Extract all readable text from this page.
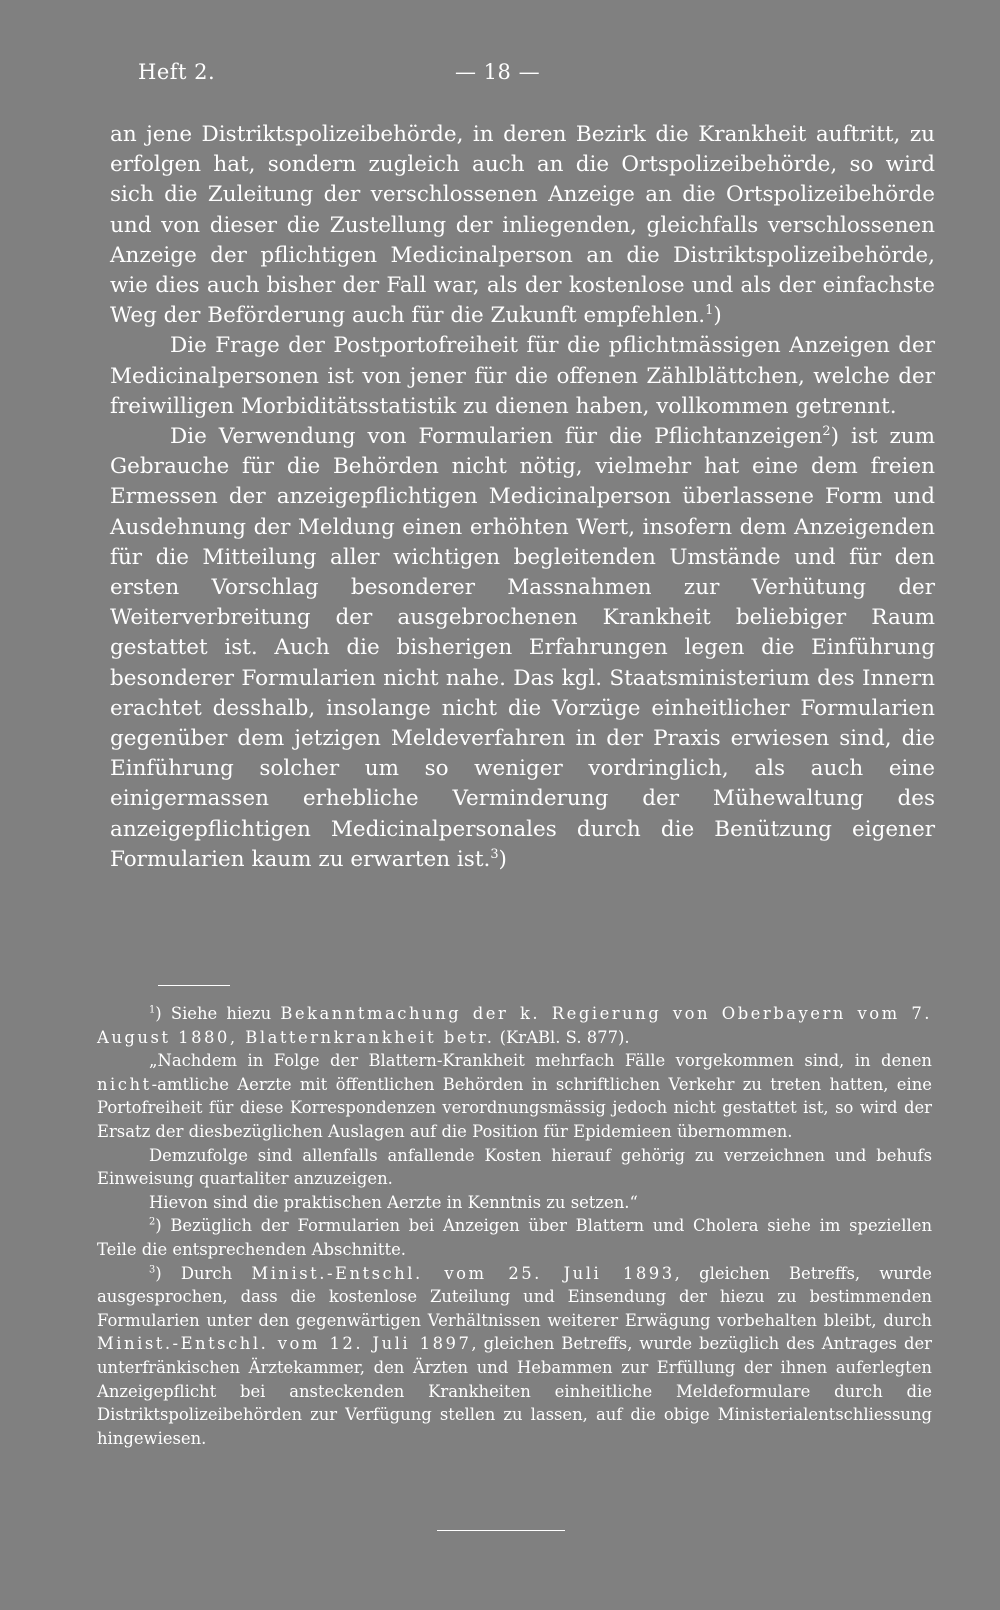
Heft 2.	— 18 —

an jene Distriktspolizeibehörde, in deren Bezirk die Krankheit auftritt, zu erfolgen hat, sondern zugleich auch an die Ortspolizeibehörde, so wird sich die Zuleitung der verschlossenen Anzeige an die Ortspolizeibehörde und von dieser die Zustellung der inliegenden, gleichfalls verschlossenen Anzeige der pflichtigen Medicinalperson an die Distriktspolizeibehörde, wie dies auch bisher der Fall war, als der kostenlose und als der einfachste Weg der Beförderung auch für die Zukunft empfehlen.$^1$)

Die Frage der Postportofreiheit für die pflichtmässigen Anzeigen der Medicinalpersonen ist von jener für die offenen Zählblättchen, welche der freiwilligen Morbiditätsstatistik zu dienen haben, vollkommen getrennt.

Die Verwendung von Formularien für die Pflichtanzeigen$^2$) ist zum Gebrauche für die Behörden nicht nötig, vielmehr hat eine dem freien Ermessen der anzeigepflichtigen Medicinalperson überlassene Form und Ausdehnung der Meldung einen erhöhten Wert, insofern dem Anzeigenden für die Mitteilung aller wichtigen begleitenden Umstände und für den ersten Vorschlag besonderer Massnahmen zur Verhütung der Weiterverbreitung der ausgebrochenen Krankheit beliebiger Raum gestattet ist. Auch die bisherigen Erfahrungen legen die Einführung besonderer Formularien nicht nahe. Das kgl. Staatsministerium des Innern erachtet desshalb, insolange nicht die Vorzüge einheitlicher Formularien gegenüber dem jetzigen Meldeverfahren in der Praxis erwiesen sind, die Einführung solcher um so weniger vordringlich, als auch eine einigermassen erhebliche Verminderung der Mühewaltung des anzeigepflichtigen Medicinalpersonales durch die Benützung eigener Formularien kaum zu erwarten ist.$^3$)

$^1$) Siehe hiezu Bekanntmachung der k. Regierung von Oberbayern vom 7. August 1880, Blatternkrankheit betr. (KrABl. S. 877).

„Nachdem in Folge der Blattern-Krankheit mehrfach Fälle vorgekommen sind, in denen nicht-amtliche Aerzte mit öffentlichen Behörden in schriftlichen Verkehr zu treten hatten, eine Portofreiheit für diese Korrespondenzen verordnungsmässig jedoch nicht gestattet ist, so wird der Ersatz der diesbezüglichen Auslagen auf die Position für Epidemieen übernommen.

Demzufolge sind allenfalls anfallende Kosten hierauf gehörig zu verzeichnen und behufs Einweisung quartaliter anzuzeigen.

Hievon sind die praktischen Aerzte in Kenntnis zu setzen.“

$^2$) Bezüglich der Formularien bei Anzeigen über Blattern und Cholera siehe im speziellen Teile die entsprechenden Abschnitte.

$^3$) Durch Minist.-Entschl. vom 25. Juli 1893, gleichen Betreffs, wurde ausgesprochen, dass die kostenlose Zuteilung und Einsendung der hiezu zu bestimmenden Formularien unter den gegenwärtigen Verhältnissen weiterer Erwägung vorbehalten bleibt, durch Minist.-Entschl. vom 12. Juli 1897, gleichen Betreffs, wurde bezüglich des Antrages der unterfränkischen Ärztekammer, den Ärzten und Hebammen zur Erfüllung der ihnen auferlegten Anzeigepflicht bei ansteckenden Krankheiten einheitliche Meldeformulare durch die Distriktspolizeibehörden zur Verfügung stellen zu lassen, auf die obige Ministerialentschliessung hingewiesen.
